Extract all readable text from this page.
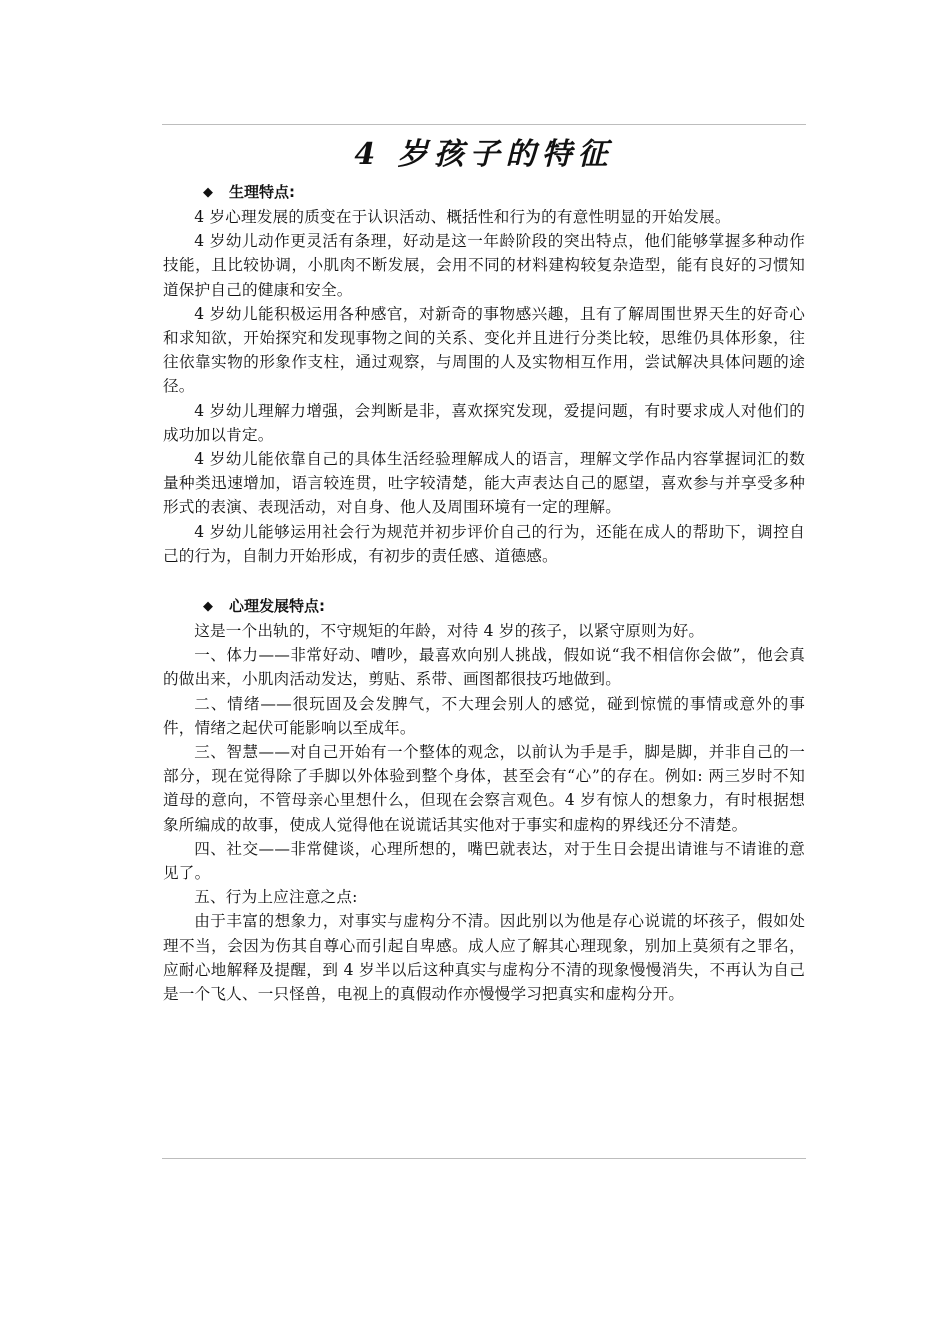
4 岁孩子的特征
◆	生理特点:

4 岁心理发展的质变在于认识活动、概括性和行为的有意性明显的开始发展。

4 岁幼儿动作更灵活有条理，好动是这一年龄阶段的突出特点，他们能够掌握多种动作技能，且比较协调，小肌肉不断发展，会用不同的材料建构较复杂造型，能有良好的习惯知道保护自己的健康和安全。

4 岁幼儿能积极运用各种感官，对新奇的事物感兴趣，且有了解周围世界天生的好奇心和求知欲，开始探究和发现事物之间的关系、变化并且进行分类比较，思维仍具体形象，往往依靠实物的形象作支柱，通过观察，与周围的人及实物相互作用，尝试解决具体问题的途径。

4 岁幼儿理解力增强，会判断是非，喜欢探究发现，爱提问题，有时要求成人对他们的成功加以肯定。

4 岁幼儿能依靠自己的具体生活经验理解成人的语言，理解文学作品内容掌握词汇的数量种类迅速增加，语言较连贯，吐字较清楚，能大声表达自己的愿望，喜欢参与并享受多种形式的表演、表现活动，对自身、他人及周围环境有一定的理解。

4 岁幼儿能够运用社会行为规范并初步评价自己的行为，还能在成人的帮助下，调控自己的行为，自制力开始形成，有初步的责任感、道德感。

◆	心理发展特点:

这是一个出轨的，不守规矩的年龄，对待 4 岁的孩子，以紧守原则为好。

一、体力——非常好动、嘈吵，最喜欢向别人挑战，假如说“我不相信你会做”，他会真的做出来，小肌肉活动发达，剪贴、系带、画图都很技巧地做到。

二、情绪——很玩固及会发脾气，不大理会别人的感觉，碰到惊慌的事情或意外的事件，情绪之起伏可能影响以至成年。

三、智慧——对自己开始有一个整体的观念，以前认为手是手，脚是脚，并非自己的一部分，现在觉得除了手脚以外体验到整个身体，甚至会有“心”的存在。例如: 两三岁时不知道母的意向，不管母亲心里想什么，但现在会察言观色。4 岁有惊人的想象力，有时根据想象所编成的故事，使成人觉得他在说谎话其实他对于事实和虚构的界线还分不清楚。

四、社交——非常健谈，心理所想的，嘴巴就表达，对于生日会提出请谁与不请谁的意见了。

五、行为上应注意之点:

由于丰富的想象力，对事实与虚构分不清。因此别以为他是存心说谎的坏孩子，假如处理不当，会因为伤其自尊心而引起自卑感。成人应了解其心理现象，别加上莫须有之罪名，应耐心地解释及提醒，到 4 岁半以后这种真实与虚构分不清的现象慢慢消失，不再认为自己是一个飞人、一只怪兽，电视上的真假动作亦慢慢学习把真实和虚构分开。
